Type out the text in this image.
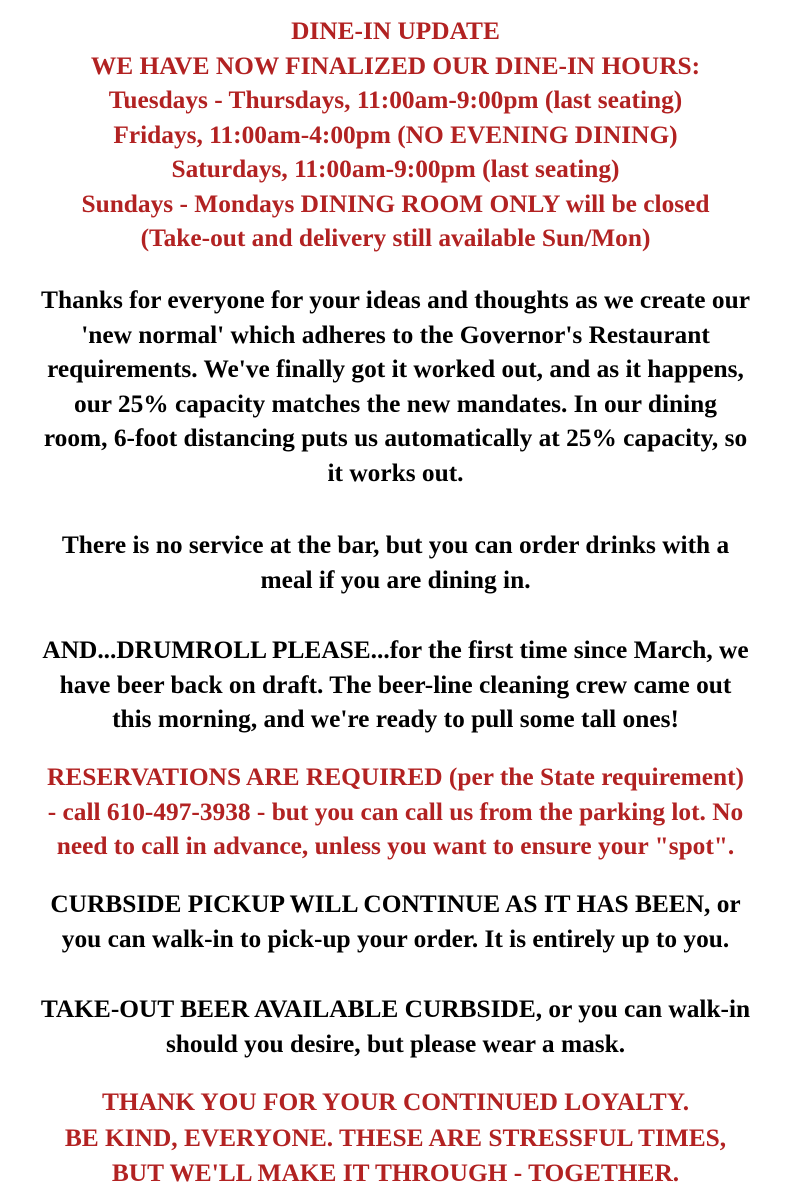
DINE-IN UPDATE
WE HAVE NOW FINALIZED OUR DINE-IN HOURS:
Tuesdays - Thursdays, 11:00am-9:00pm (last seating)
Fridays, 11:00am-4:00pm (NO EVENING DINING)
Saturdays, 11:00am-9:00pm (last seating)
Sundays - Mondays DINING ROOM ONLY will be closed
(Take-out and delivery still available Sun/Mon)
Thanks for everyone for your ideas and thoughts as we create our
'new normal' which adheres to the Governor's Restaurant
requirements. We've finally got it worked out, and as it happens,
our 25% capacity matches the new mandates. In our dining
room, 6-foot distancing puts us automatically at 25% capacity, so
it works out.
There is no service at the bar, but you can order drinks with a
meal if you are dining in.
AND...DRUMROLL PLEASE...for the first time since March, we
have beer back on draft. The beer-line cleaning crew came out
this morning, and we're ready to pull some tall ones!
RESERVATIONS ARE REQUIRED (per the State requirement)
- call 610-497-3938 - but you can call us from the parking lot. No
need to call in advance, unless you want to ensure your "spot".
CURBSIDE PICKUP WILL CONTINUE AS IT HAS BEEN, or
you can walk-in to pick-up your order. It is entirely up to you.
TAKE-OUT BEER AVAILABLE CURBSIDE, or you can walk-in
should you desire, but please wear a mask.
THANK YOU FOR YOUR CONTINUED LOYALTY.
BE KIND, EVERYONE. THESE ARE STRESSFUL TIMES,
BUT WE'LL MAKE IT THROUGH - TOGETHER.
